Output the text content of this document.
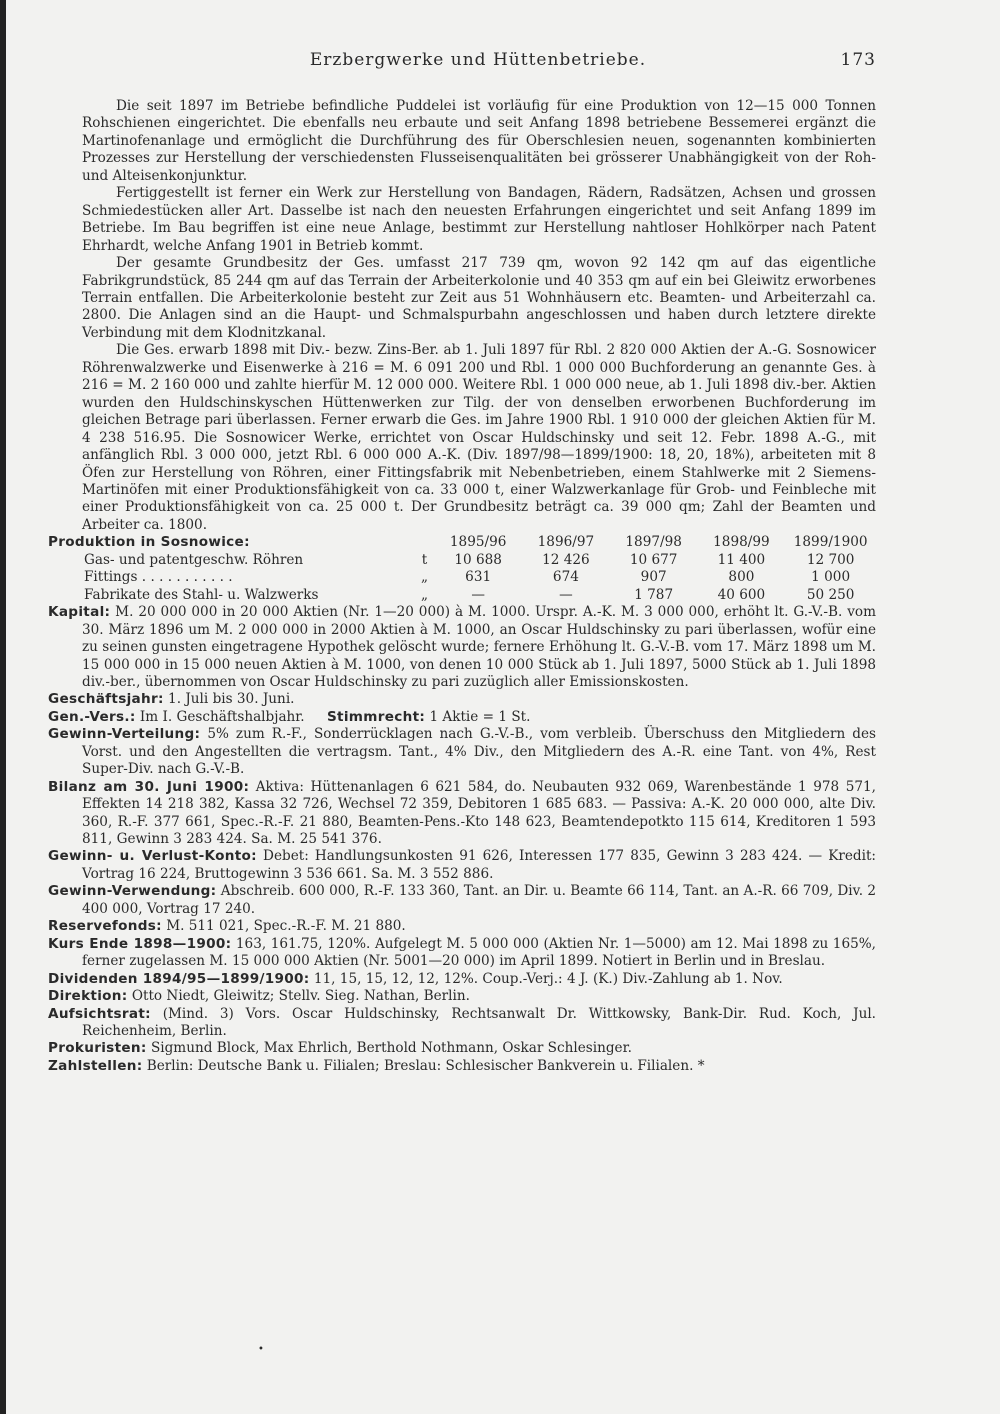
Erzbergwerke und Hüttenbetriebe.	173

Die seit 1897 im Betriebe befindliche Puddelei ist vorläufig für eine Produktion von 12—15 000 Tonnen Rohschienen eingerichtet. Die ebenfalls neu erbaute und seit Anfang 1898 betriebene Bessemerei ergänzt die Martinofenanlage und ermöglicht die Durchführung des für Oberschlesien neuen, sogenannten kombinierten Prozesses zur Herstellung der verschiedensten Flusseisenqualitäten bei grösserer Unabhängigkeit von der Roh- und Alteisenkonjunktur.

Fertiggestellt ist ferner ein Werk zur Herstellung von Bandagen, Rädern, Radsätzen, Achsen und grossen Schmiedestücken aller Art. Dasselbe ist nach den neuesten Erfahrungen eingerichtet und seit Anfang 1899 im Betriebe. Im Bau begriffen ist eine neue Anlage, bestimmt zur Herstellung nahtloser Hohlkörper nach Patent Ehrhardt, welche Anfang 1901 in Betrieb kommt.

Der gesamte Grundbesitz der Ges. umfasst 217 739 qm, wovon 92 142 qm auf das eigentliche Fabrikgrundstück, 85 244 qm auf das Terrain der Arbeiterkolonie und 40 353 qm auf ein bei Gleiwitz erworbenes Terrain entfallen. Die Arbeiterkolonie besteht zur Zeit aus 51 Wohnhäusern etc. Beamten- und Arbeiterzahl ca. 2800. Die Anlagen sind an die Haupt- und Schmalspurbahn angeschlossen und haben durch letztere direkte Verbindung mit dem Klodnitzkanal.

Die Ges. erwarb 1898 mit Div.- bezw. Zins-Ber. ab 1. Juli 1897 für Rbl. 2 820 000 Aktien der A.-G. Sosnowicer Röhrenwalzwerke und Eisenwerke à 216 = M. 6 091 200 und Rbl. 1 000 000 Buchforderung an genannte Ges. à 216 = M. 2 160 000 und zahlte hierfür M. 12 000 000. Weitere Rbl. 1 000 000 neue, ab 1. Juli 1898 div.-ber. Aktien wurden den Huldschinskyschen Hüttenwerken zur Tilg. der von denselben erworbenen Buchforderung im gleichen Betrage pari überlassen. Ferner erwarb die Ges. im Jahre 1900 Rbl. 1 910 000 der gleichen Aktien für M. 4 238 516.95. Die Sosnowicer Werke, errichtet von Oscar Huldschinsky und seit 12. Febr. 1898 A.-G., mit anfänglich Rbl. 3 000 000, jetzt Rbl. 6 000 000 A.-K. (Div. 1897/98—1899/1900: 18, 20, 18%), arbeiteten mit 8 Öfen zur Herstellung von Röhren, einer Fittingsfabrik mit Nebenbetrieben, einem Stahlwerke mit 2 Siemens-Martinöfen mit einer Produktionsfähigkeit von ca. 33 000 t, einer Walzwerkanlage für Grob- und Feinbleche mit einer Produktionsfähigkeit von ca. 25 000 t. Der Grundbesitz beträgt ca. 39 000 qm; Zahl der Beamten und Arbeiter ca. 1800.

Produktion in Sosnowice:		1895/96	1896/97	1897/98	1898/99	1899/1900
Gas- und patentgeschw. Röhren	t	10 688	12 426	10 677	11 400	12 700
Fittings . . . . . . . . . . .	„	631	674	907	800	1 000
Fabrikate des Stahl- u. Walzwerks	„	—	—	1 787	40 600	50 250

Kapital: M. 20 000 000 in 20 000 Aktien (Nr. 1—20 000) à M. 1000. Urspr. A.-K. M. 3 000 000, erhöht lt. G.-V.-B. vom 30. März 1896 um M. 2 000 000 in 2000 Aktien à M. 1000, an Oscar Huldschinsky zu pari überlassen, wofür eine zu seinen gunsten eingetragene Hypothek gelöscht wurde; fernere Erhöhung lt. G.-V.-B. vom 17. März 1898 um M. 15 000 000 in 15 000 neuen Aktien à M. 1000, von denen 10 000 Stück ab 1. Juli 1897, 5000 Stück ab 1. Juli 1898 div.-ber., übernommen von Oscar Huldschinsky zu pari zuzüglich aller Emissionskosten.

Geschäftsjahr: 1. Juli bis 30. Juni.

Gen.-Vers.: Im I. Geschäftshalbjahr. Stimmrecht: 1 Aktie = 1 St.

Gewinn-Verteilung: 5% zum R.-F., Sonderrücklagen nach G.-V.-B., vom verbleib. Überschuss den Mitgliedern des Vorst. und den Angestellten die vertragsm. Tant., 4% Div., den Mitgliedern des A.-R. eine Tant. von 4%, Rest Super-Div. nach G.-V.-B.

Bilanz am 30. Juni 1900: Aktiva: Hüttenanlagen 6 621 584, do. Neubauten 932 069, Warenbestände 1 978 571, Effekten 14 218 382, Kassa 32 726, Wechsel 72 359, Debitoren 1 685 683. — Passiva: A.-K. 20 000 000, alte Div. 360, R.-F. 377 661, Spec.-R.-F. 21 880, Beamten-Pens.-Kto 148 623, Beamtendepotkto 115 614, Kreditoren 1 593 811, Gewinn 3 283 424. Sa. M. 25 541 376.

Gewinn- u. Verlust-Konto: Debet: Handlungsunkosten 91 626, Interessen 177 835, Gewinn 3 283 424. — Kredit: Vortrag 16 224, Bruttogewinn 3 536 661. Sa. M. 3 552 886.

Gewinn-Verwendung: Abschreib. 600 000, R.-F. 133 360, Tant. an Dir. u. Beamte 66 114, Tant. an A.-R. 66 709, Div. 2 400 000, Vortrag 17 240.

Reservefonds: M. 511 021, Spec.-R.-F. M. 21 880.

Kurs Ende 1898—1900: 163, 161.75, 120%. Aufgelegt M. 5 000 000 (Aktien Nr. 1—5000) am 12. Mai 1898 zu 165%, ferner zugelassen M. 15 000 000 Aktien (Nr. 5001—20 000) im April 1899. Notiert in Berlin und in Breslau.

Dividenden 1894/95—1899/1900: 11, 15, 15, 12, 12, 12%. Coup.-Verj.: 4 J. (K.) Div.-Zahlung ab 1. Nov.

Direktion: Otto Niedt, Gleiwitz; Stellv. Sieg. Nathan, Berlin.

Aufsichtsrat: (Mind. 3) Vors. Oscar Huldschinsky, Rechtsanwalt Dr. Wittkowsky, Bank-Dir. Rud. Koch, Jul. Reichenheim, Berlin.

Prokuristen: Sigmund Block, Max Ehrlich, Berthold Nothmann, Oskar Schlesinger.

Zahlstellen: Berlin: Deutsche Bank u. Filialen; Breslau: Schlesischer Bankverein u. Filialen. *

•
